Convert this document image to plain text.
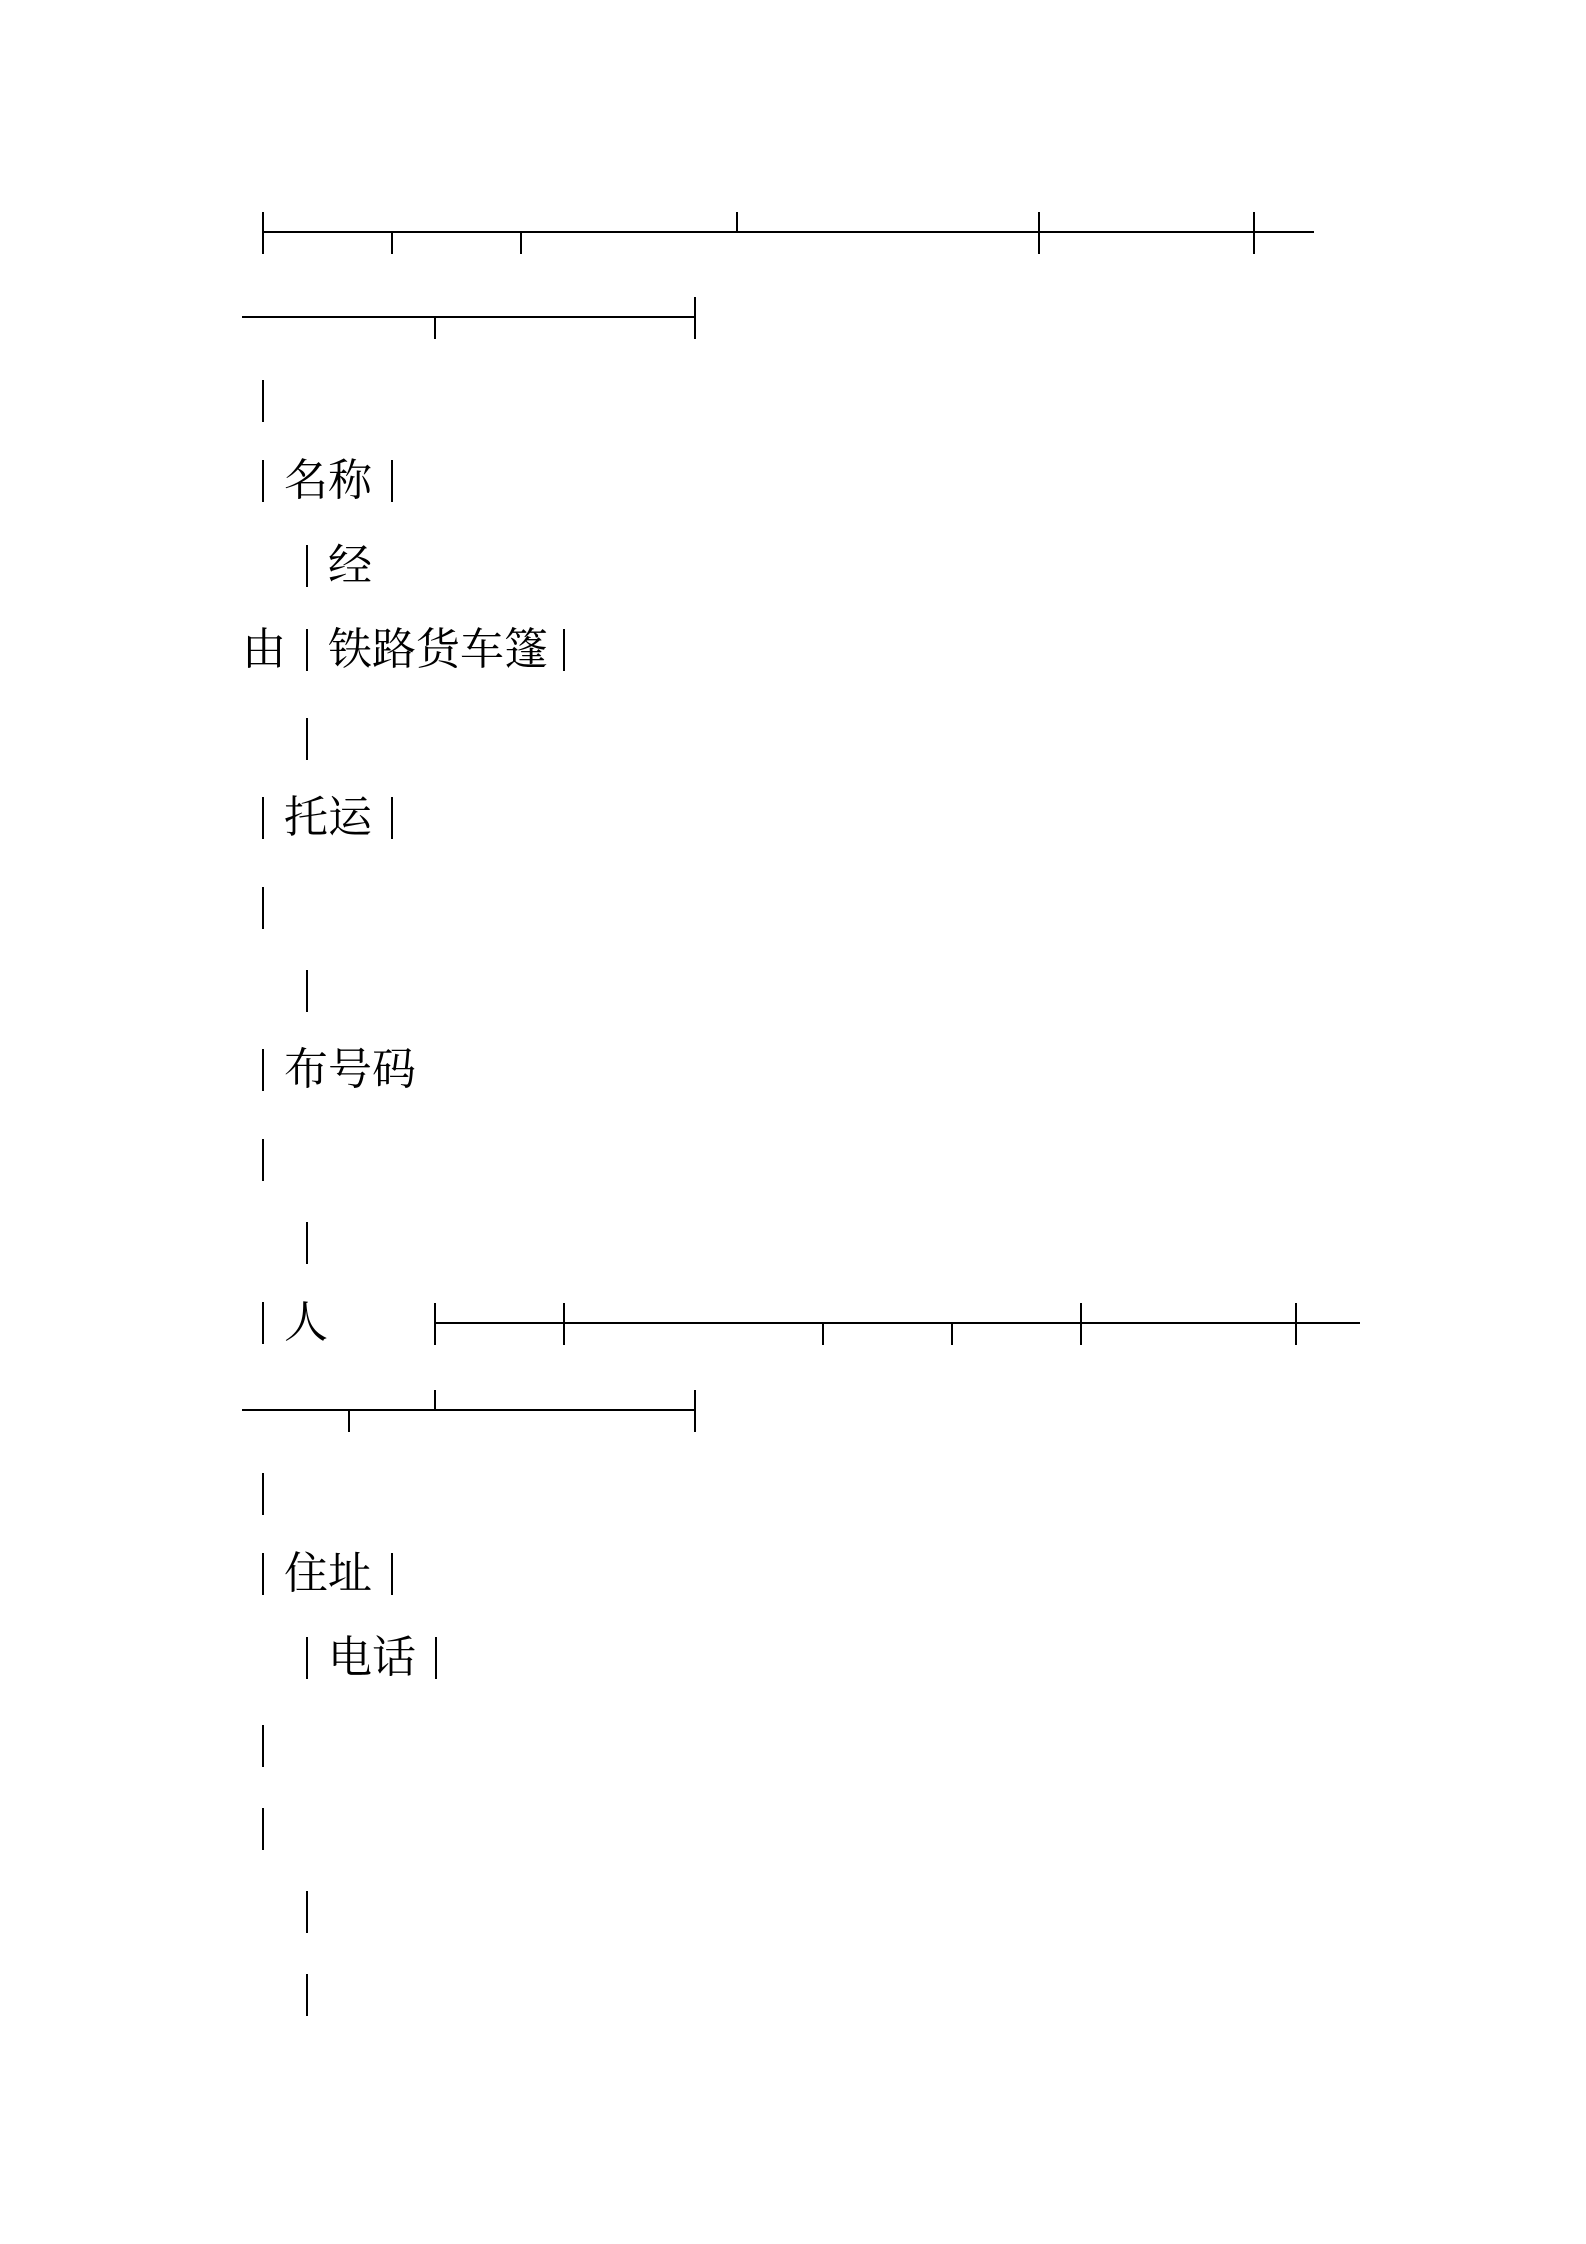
名称
经
由 铁路货车篷
托运
布号码
人
住址
电话
